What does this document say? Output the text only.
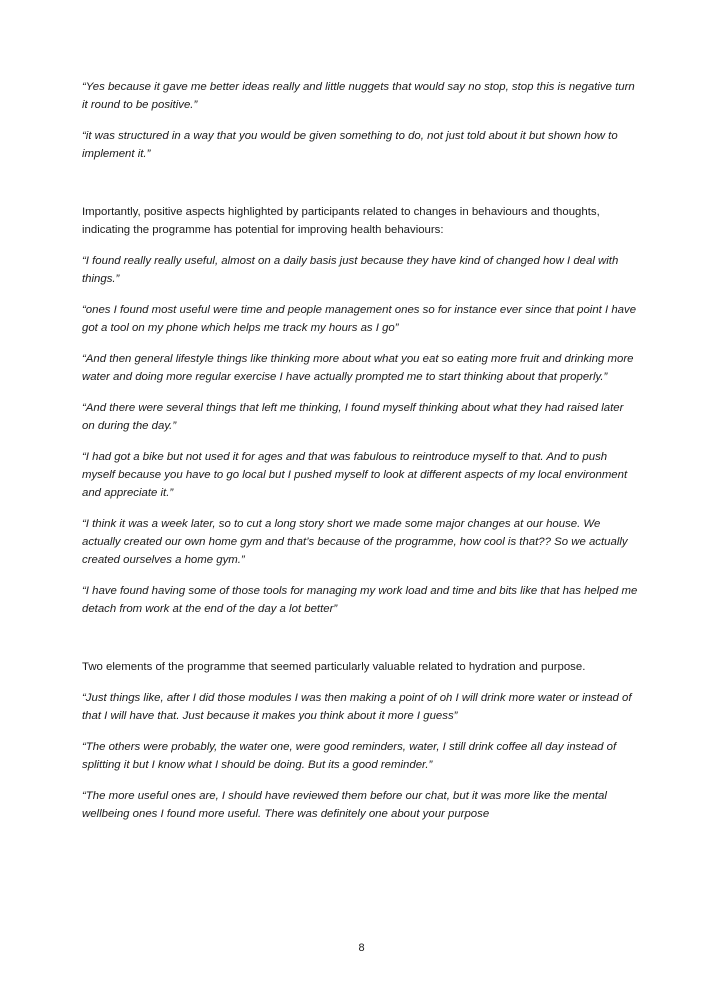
“Yes because it gave me better ideas really and little nuggets that would say no stop, stop this is negative turn it round to be positive.”

“it was structured in a way that you would be given something to do, not just told about it but shown how to implement it.”

Importantly, positive aspects highlighted by participants related to changes in behaviours and thoughts, indicating the programme has potential for improving health behaviours:

“I found really really useful, almost on a daily basis just because they have kind of changed how I deal with things.”

“ones I found most useful were time and people management ones so for instance ever since that point I have got a tool on my phone which helps me track my hours as I go”

“And then general lifestyle things like thinking more about what you eat so eating more fruit and drinking more water and doing more regular exercise I have actually prompted me to start thinking about that properly.”

“And there were several things that left me thinking, I found myself thinking about what they had raised later on during the day.”

“I had got a bike but not used it for ages and that was fabulous to reintroduce myself to that. And to push myself because you have to go local but I pushed myself to look at different aspects of my local environment and appreciate it.”

“I think it was a week later, so to cut a long story short we made some major changes at our house. We actually created our own home gym and that’s because of the programme, how cool is that?? So we actually created ourselves a home gym.”

“I have found having some of those tools for managing my work load and time and bits like that has helped me detach from work at the end of the day a lot better”

Two elements of the programme that seemed particularly valuable related to hydration and purpose.

“Just things like, after I did those modules I was then making a point of oh I will drink more water or instead of that I will have that. Just because it makes you think about it more I guess”

“The others were probably, the water one, were good reminders, water, I still drink coffee all day instead of splitting it but I know what I should be doing. But its a good reminder.”

“The more useful ones are, I should have reviewed them before our chat, but it was more like the mental wellbeing ones I found more useful. There was definitely one about your purpose

8
